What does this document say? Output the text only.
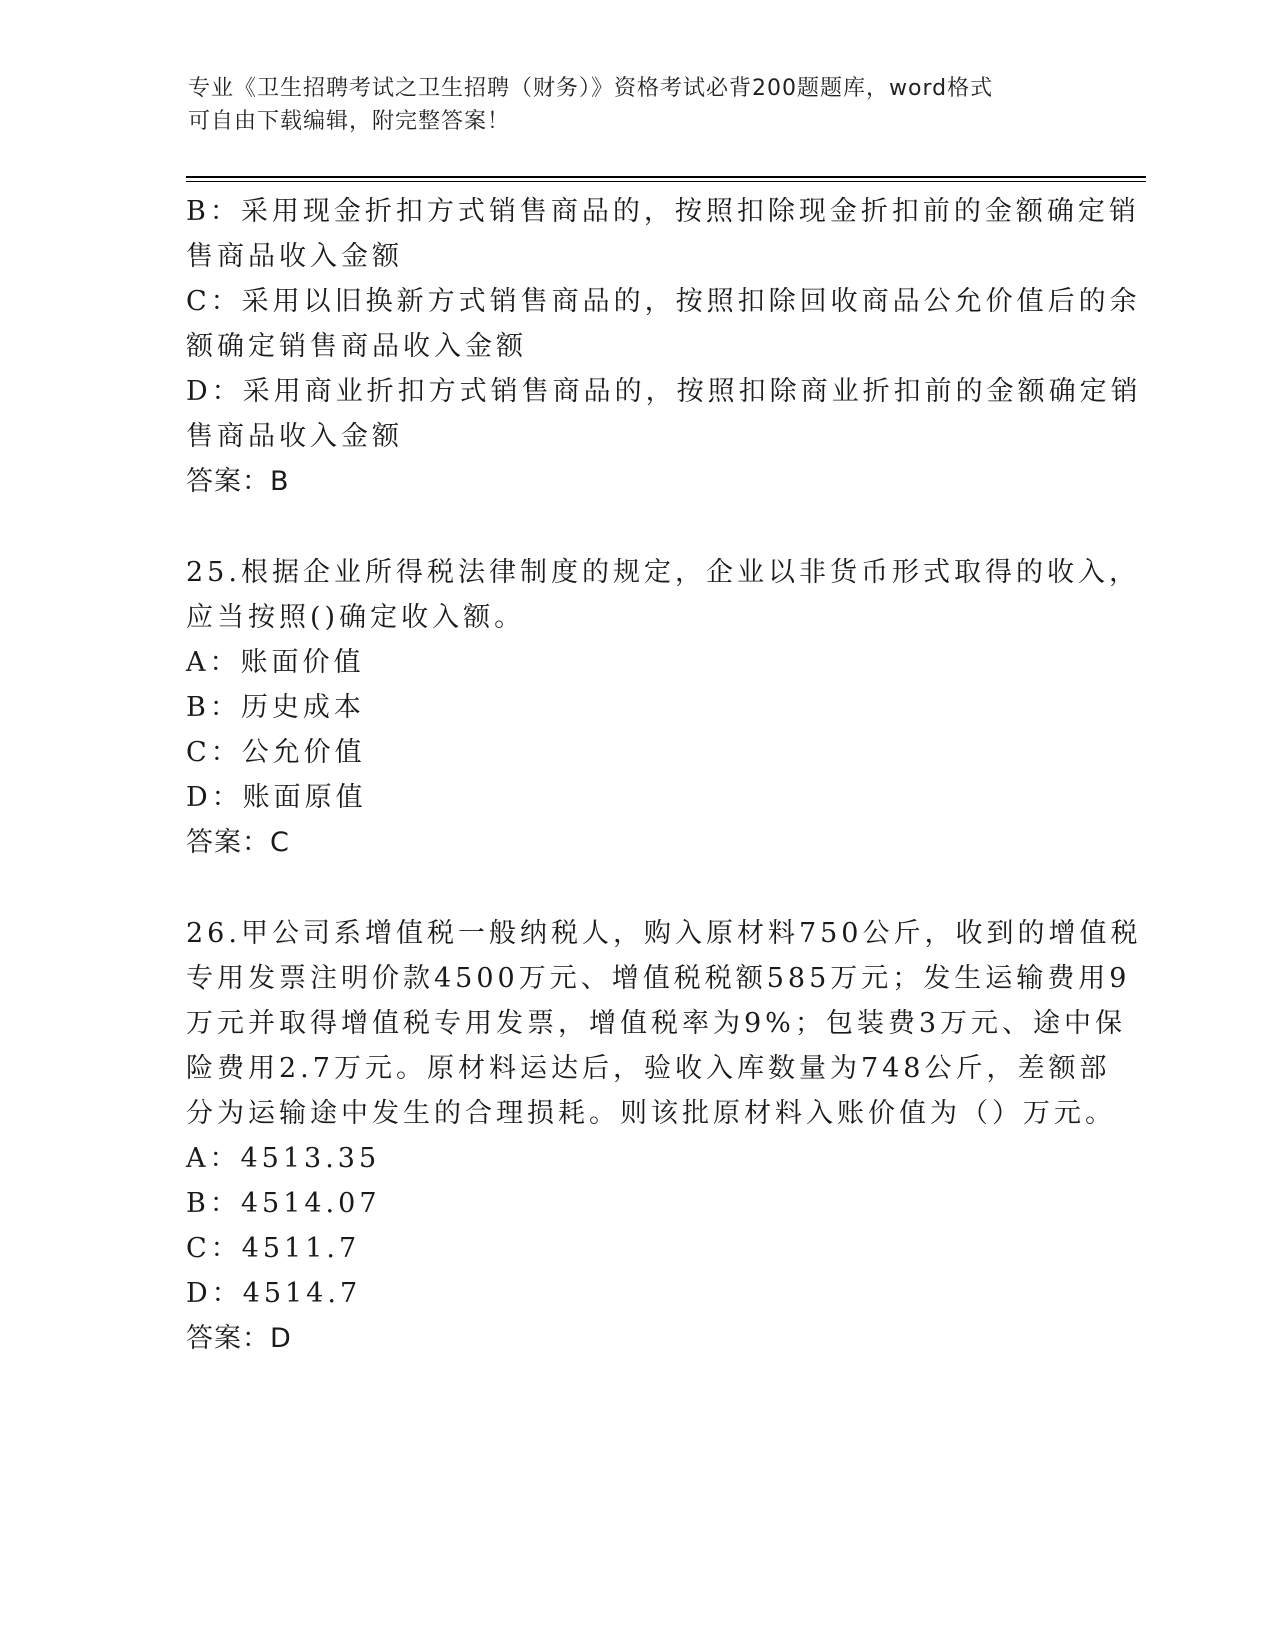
专业《卫生招聘考试之卫生招聘（财务）》资格考试必背200题题库，word格式
可自由下载编辑，附完整答案！
B：采用现金折扣方式销售商品的，按照扣除现金折扣前的金额确定销
售商品收入金额
C：采用以旧换新方式销售商品的，按照扣除回收商品公允价值后的余
额确定销售商品收入金额
D：采用商业折扣方式销售商品的，按照扣除商业折扣前的金额确定销
售商品收入金额
答案：B
25.根据企业所得税法律制度的规定，企业以非货币形式取得的收入，
应当按照()确定收入额。
A：账面价值
B：历史成本
C：公允价值
D：账面原值
答案：C
26.甲公司系增值税一般纳税人，购入原材料750公斤，收到的增值税
专用发票注明价款4500万元、增值税税额585万元；发生运输费用9
万元并取得增值税专用发票，增值税率为9%；包装费3万元、途中保
险费用2.7万元。原材料运达后，验收入库数量为748公斤，差额部
分为运输途中发生的合理损耗。则该批原材料入账价值为（）万元。
A：4513.35
B：4514.07
C：4511.7
D：4514.7
答案：D
